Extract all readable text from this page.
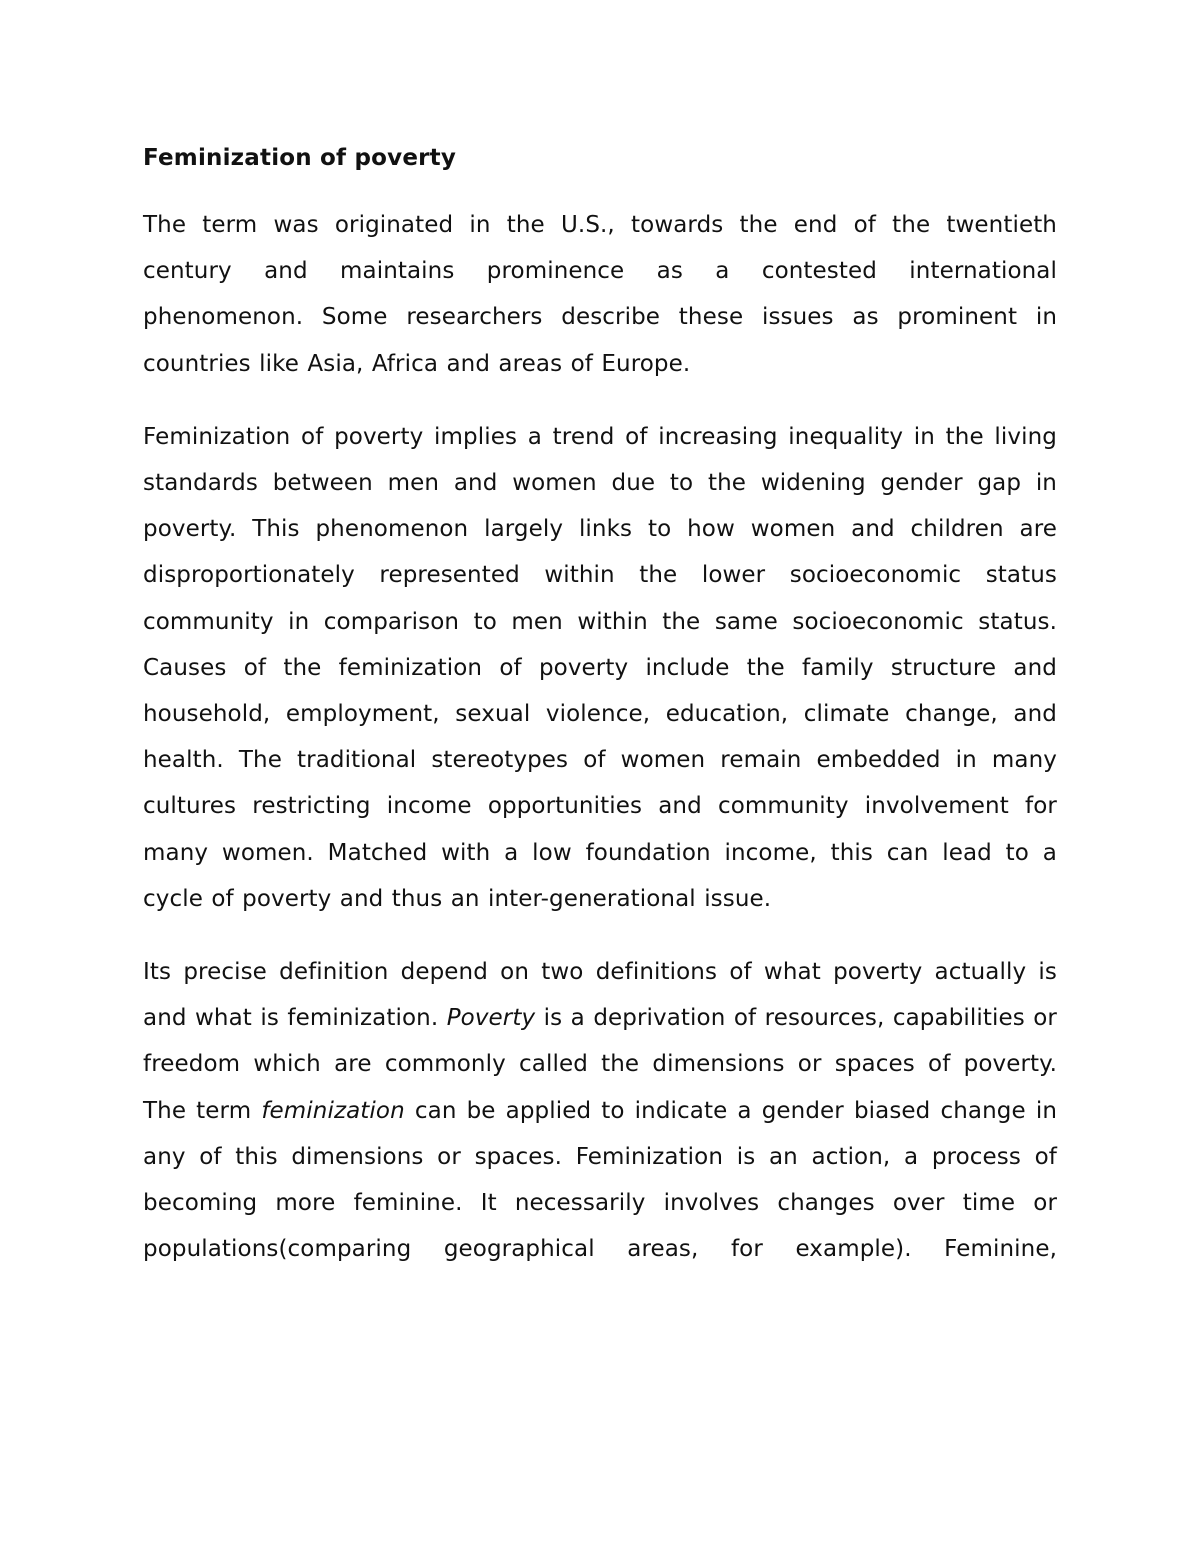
Feminization of poverty

The term was originated in the U.S., towards the end of the twentieth century and maintains prominence as a contested international phenomenon. Some researchers describe these issues as prominent in countries like Asia, Africa and areas of Europe.

Feminization of poverty implies a trend of increasing inequality in the living standards between men and women due to the widening gender gap in poverty. This phenomenon largely links to how women and children are disproportionately represented within the lower socioeconomic status community in comparison to men within the same socioeconomic status. Causes of the feminization of poverty include the family structure and household, employment, sexual violence, education, climate change, and health. The traditional stereotypes of women remain embedded in many cultures restricting income opportunities and community involvement for many women. Matched with a low foundation income, this can lead to a cycle of poverty and thus an inter-generational issue.

Its precise definition depend on two definitions of what poverty actually is and what is feminization. Poverty is a deprivation of resources, capabilities or freedom which are commonly called the dimensions or spaces of poverty. The term feminization can be applied to indicate a gender biased change in any of this dimensions or spaces. Feminization is an action, a process of becoming more feminine. It necessarily involves changes over time or populations(comparing geographical areas, for example). Feminine,
